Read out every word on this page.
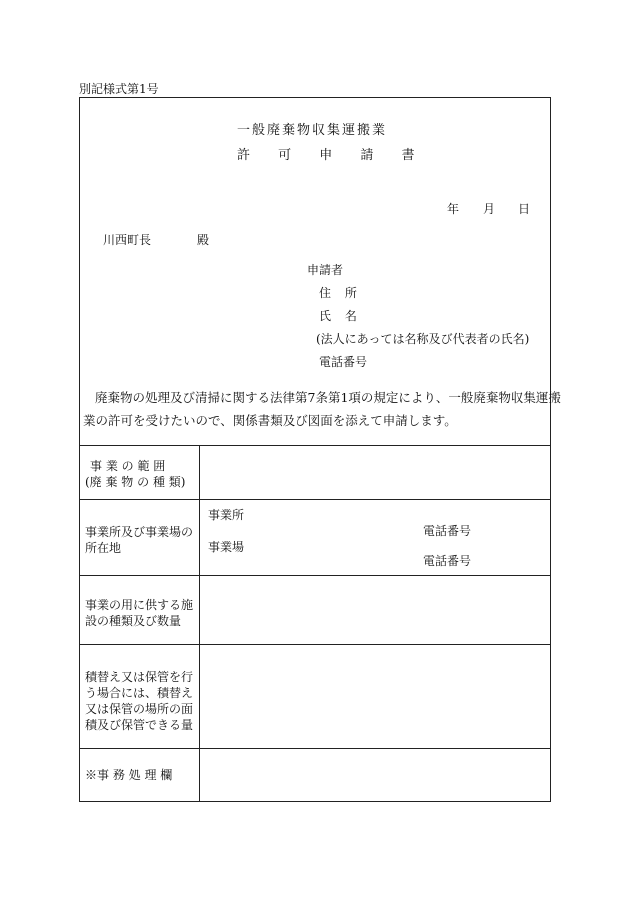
別記様式第1号
一般廃棄物収集運搬業
許 可 申 請 書
年 月 日
川西町長	殿
申請者
住 所
氏 名
(法人にあっては名称及び代表者の氏名)
電話番号
廃棄物の処理及び清掃に関する法律第7条第1項の規定により、一般廃棄物収集運搬
業の許可を受けたいので、関係書類及び図面を添えて申請します。
事 業 の 範 囲
(廃 棄 物 の 種 類)
事業所及び事業場の
所在地
事業所
電話番号
事業場
電話番号
事業の用に供する施
設の種類及び数量
積替え又は保管を行
う場合には、積替え
又は保管の場所の面
積及び保管できる量
※事 務 処 理 欄
